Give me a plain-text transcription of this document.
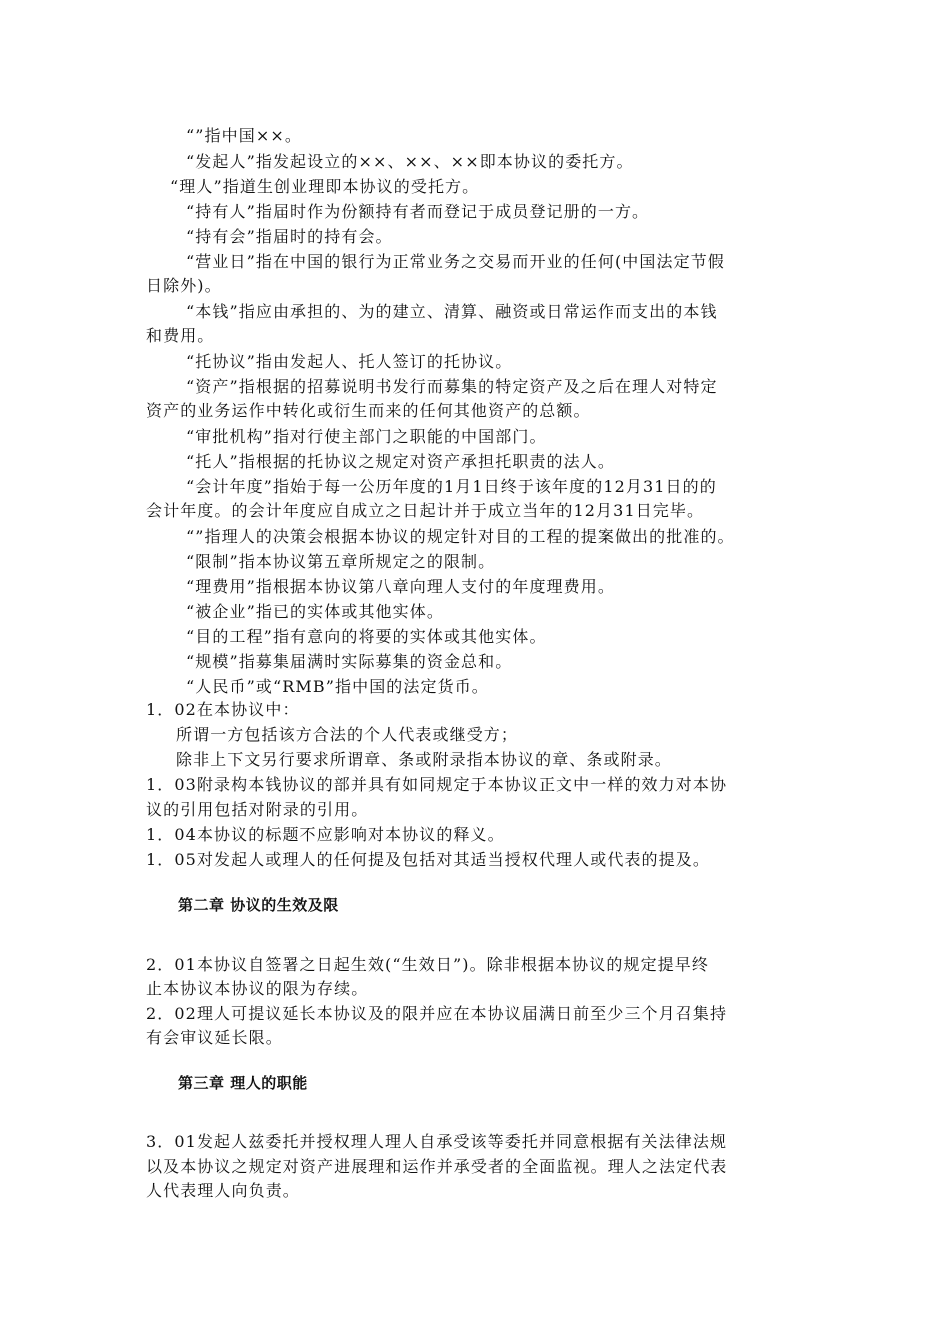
“”指中国××。
“发起人”指发起设立的××、××、××即本协议的委托方。
“理人”指道生创业理即本协议的受托方。
“持有人”指届时作为份额持有者而登记于成员登记册的一方。
“持有会”指届时的持有会。
“营业日”指在中国的银行为正常业务之交易而开业的任何(中国法定节假
日除外)。
“本钱”指应由承担的、为的建立、清算、融资或日常运作而支出的本钱
和费用。
“托协议”指由发起人、托人签订的托协议。
“资产”指根据的招募说明书发行而募集的特定资产及之后在理人对特定
资产的业务运作中转化或衍生而来的任何其他资产的总额。
“审批机构”指对行使主部门之职能的中国部门。
“托人”指根据的托协议之规定对资产承担托职责的法人。
“会计年度”指始于每一公历年度的1月1日终于该年度的12月31日的的
会计年度。的会计年度应自成立之日起计并于成立当年的12月31日完毕。
“”指理人的决策会根据本协议的规定针对目的工程的提案做出的批准的。
“限制”指本协议第五章所规定之的限制。
“理费用”指根据本协议第八章向理人支付的年度理费用。
“被企业”指已的实体或其他实体。
“目的工程”指有意向的将要的实体或其他实体。
“规模”指募集届满时实际募集的资金总和。
“人民币”或“RMB”指中国的法定货币。
1．02在本协议中：
所谓一方包括该方合法的个人代表或继受方；
除非上下文另行要求所谓章、条或附录指本协议的章、条或附录。
1．03附录构本钱协议的部并具有如同规定于本协议正文中一样的效力对本协
议的引用包括对附录的引用。
1．04本协议的标题不应影响对本协议的释义。
1．05对发起人或理人的任何提及包括对其适当授权代理人或代表的提及。
第二章 协议的生效及限
2．01本协议自签署之日起生效(“生效日”)。除非根据本协议的规定提早终
止本协议本协议的限为存续。
2．02理人可提议延长本协议及的限并应在本协议届满日前至少三个月召集持
有会审议延长限。
第三章 理人的职能
3．01发起人兹委托并授权理人理人自承受该等委托并同意根据有关法律法规
以及本协议之规定对资产进展理和运作并承受者的全面监视。理人之法定代表
人代表理人向负责。
